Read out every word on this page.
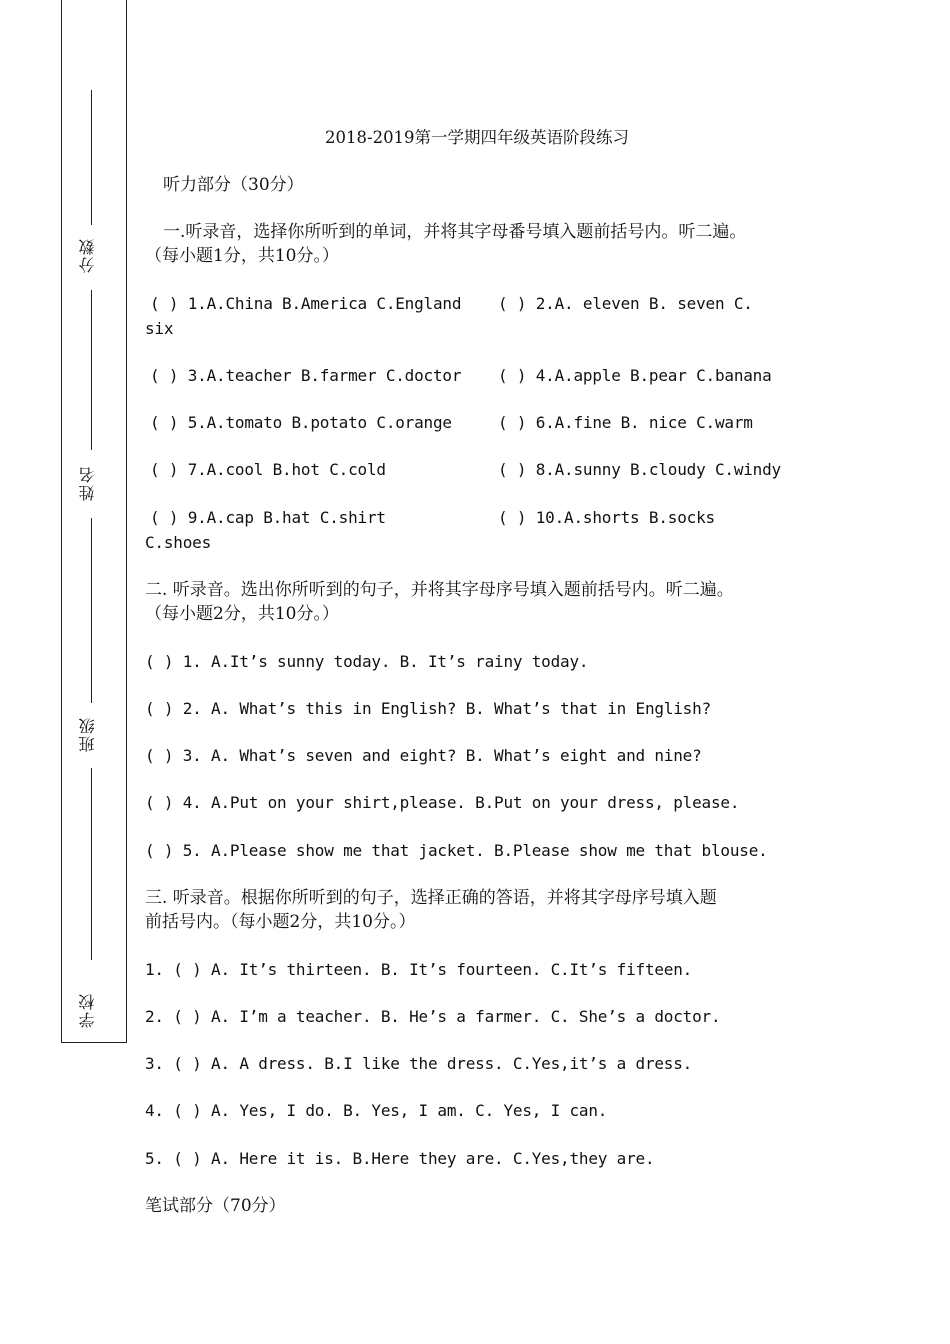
分数
姓名
班级
学校
2018-2019第一学期四年级英语阶段练习
听力部分（30分）
一.听录音，选择你所听到的单词，并将其字母番号填入题前括号内。听二遍。
（每小题1分，共10分。）
( ) 1.A.China B.America C.England ( ) 2.A. eleven B. seven C.
six
( ) 3.A.teacher B.farmer C.doctor ( ) 4.A.apple B.pear C.banana
( ) 5.A.tomato B.potato C.orange	( ) 6.A.fine B. nice C.warm
( ) 7.A.cool B.hot C.cold	( ) 8.A.sunny B.cloudy C.windy
( ) 9.A.cap B.hat C.shirt	( ) 10.A.shorts B.socks
C.shoes
二. 听录音。选出你所听到的句子，并将其字母序号填入题前括号内。听二遍。
（每小题2分，共10分。）
( ) 1. A.It’s sunny today. B. It’s rainy today.
( ) 2. A. What’s this in English? B. What’s that in English?
( ) 3. A. What’s seven and eight? B. What’s eight and nine?
( ) 4. A.Put on your shirt,please. B.Put on your dress, please.
( ) 5. A.Please show me that jacket. B.Please show me that blouse.
三. 听录音。根据你所听到的句子，选择正确的答语，并将其字母序号填入题
前括号内。（每小题2分，共10分。）
1. ( ) A. It’s thirteen. B. It’s fourteen. C.It’s fifteen.
2. ( ) A. I’m a teacher. B. He’s a farmer. C. She’s a doctor.
3. ( ) A. A dress. B.I like the dress. C.Yes,it’s a dress.
4. ( ) A. Yes, I do. B. Yes, I am. C. Yes, I can.
5. ( ) A. Here it is. B.Here they are. C.Yes,they are.
笔试部分（70分）
